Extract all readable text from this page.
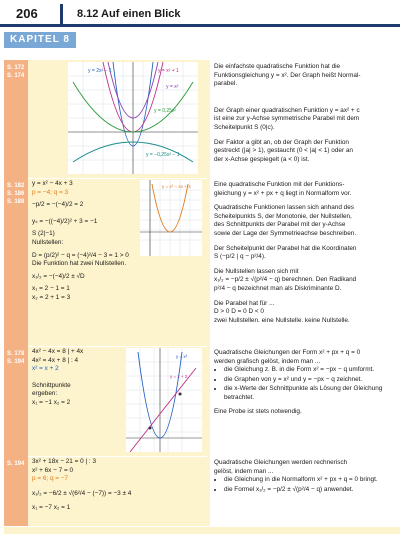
206	8.12 Auf einen Blick
KAPITEL 8
S. 172
S. 174
y = 2x² − 1	y = x² + 1
y = x²
y = 0,25x²
y = −0,25x² − 1
Die einfachste quadratische Funktion hat die
Funktionsgleichung y = x². Der Graph heißt Normal-
parabel.
Der Graph einer quadratischen Funktion y = ax² + c
ist eine zur y-Achse symmetrische Parabel mit dem
Scheitelpunkt S (0|c).
Der Faktor a gibt an, ob der Graph der Funktion
gestreckt (|a| > 1), gestaucht (0 < |a| < 1) oder an
der x-Achse gespiegelt (a < 0) ist.
S. 182
S. 186
S. 188
y = x² − 4x + 3
p = −4; q = 3
−p/2 = −(−4)/2 = 2
yₛ = −((−4)/2)² + 3 = −1
S (2|−1)
Nullstellen:
D = (p/2)² − q = (−4)²/4 − 3 = 1 > 0
Die Funktion hat zwei Nullstellen.
x₁/₂ = −(−4)/2 ± √D
x₁ = 2 − 1 = 1
x₂ = 2 + 1 = 3
y = x² − 4x + 3	Eine quadratische Funktion mit der Funktions-
gleichung y = x² + px + q liegt in Normalform vor.
Quadratische Funktionen lassen sich anhand des
Scheitelpunkts S, der Monotonie, der Nullstellen,
des Schnittpunkts der Parabel mit der y-Achse
sowie der Lage der Symmetrieachse beschreiben.
Der Scheitelpunkt der Parabel hat die Koordinaten
S (−p/2 | q − p²/4).
Die Nullstellen lassen sich mit
x₁/₂ = −p/2 ± √(p²/4 − q) berechnen. Den Radikand
p²/4 − q bezeichnet man als Diskriminante D.
Die Parabel hat für ...
D > 0 D = 0 D < 0
zwei Nullstellen. eine Nullstelle. keine Nullstelle.
S. 178
S. 194
4x² − 4x = 8 | + 4x
4x² = 4x + 8 | : 4
x² = x + 2
Schnittpunkte
ergeben:
x₁ = −1 x₂ = 2
y = x²
y = x + 2
Quadratische Gleichungen der Form x² + px + q = 0
werden grafisch gelöst, indem man ...
• die Gleichung z. B. in die Form x² = −px − q umformt.
• die Graphen von y = x² und y = −px − q zeichnet.
• die x-Werte der Schnittpunkte als Lösung der Gleichung betrachtet.
Eine Probe ist stets notwendig.
S. 194	3x² + 18x − 21 = 0 | : 3
x² + 6x − 7 = 0
p = 6; q = −7
x₁/₂ = −6/2 ± √(6²/4 − (−7)) = −3 ± 4
x₁ = −7 x₂ = 1
Quadratische Gleichungen werden rechnerisch
gelöst, indem man ...
• die Gleichung in die Normalform x² + px + q = 0 bringt.
• die Formel x₁/₂ = −p/2 ± √(p²/4 − q) anwendet.
